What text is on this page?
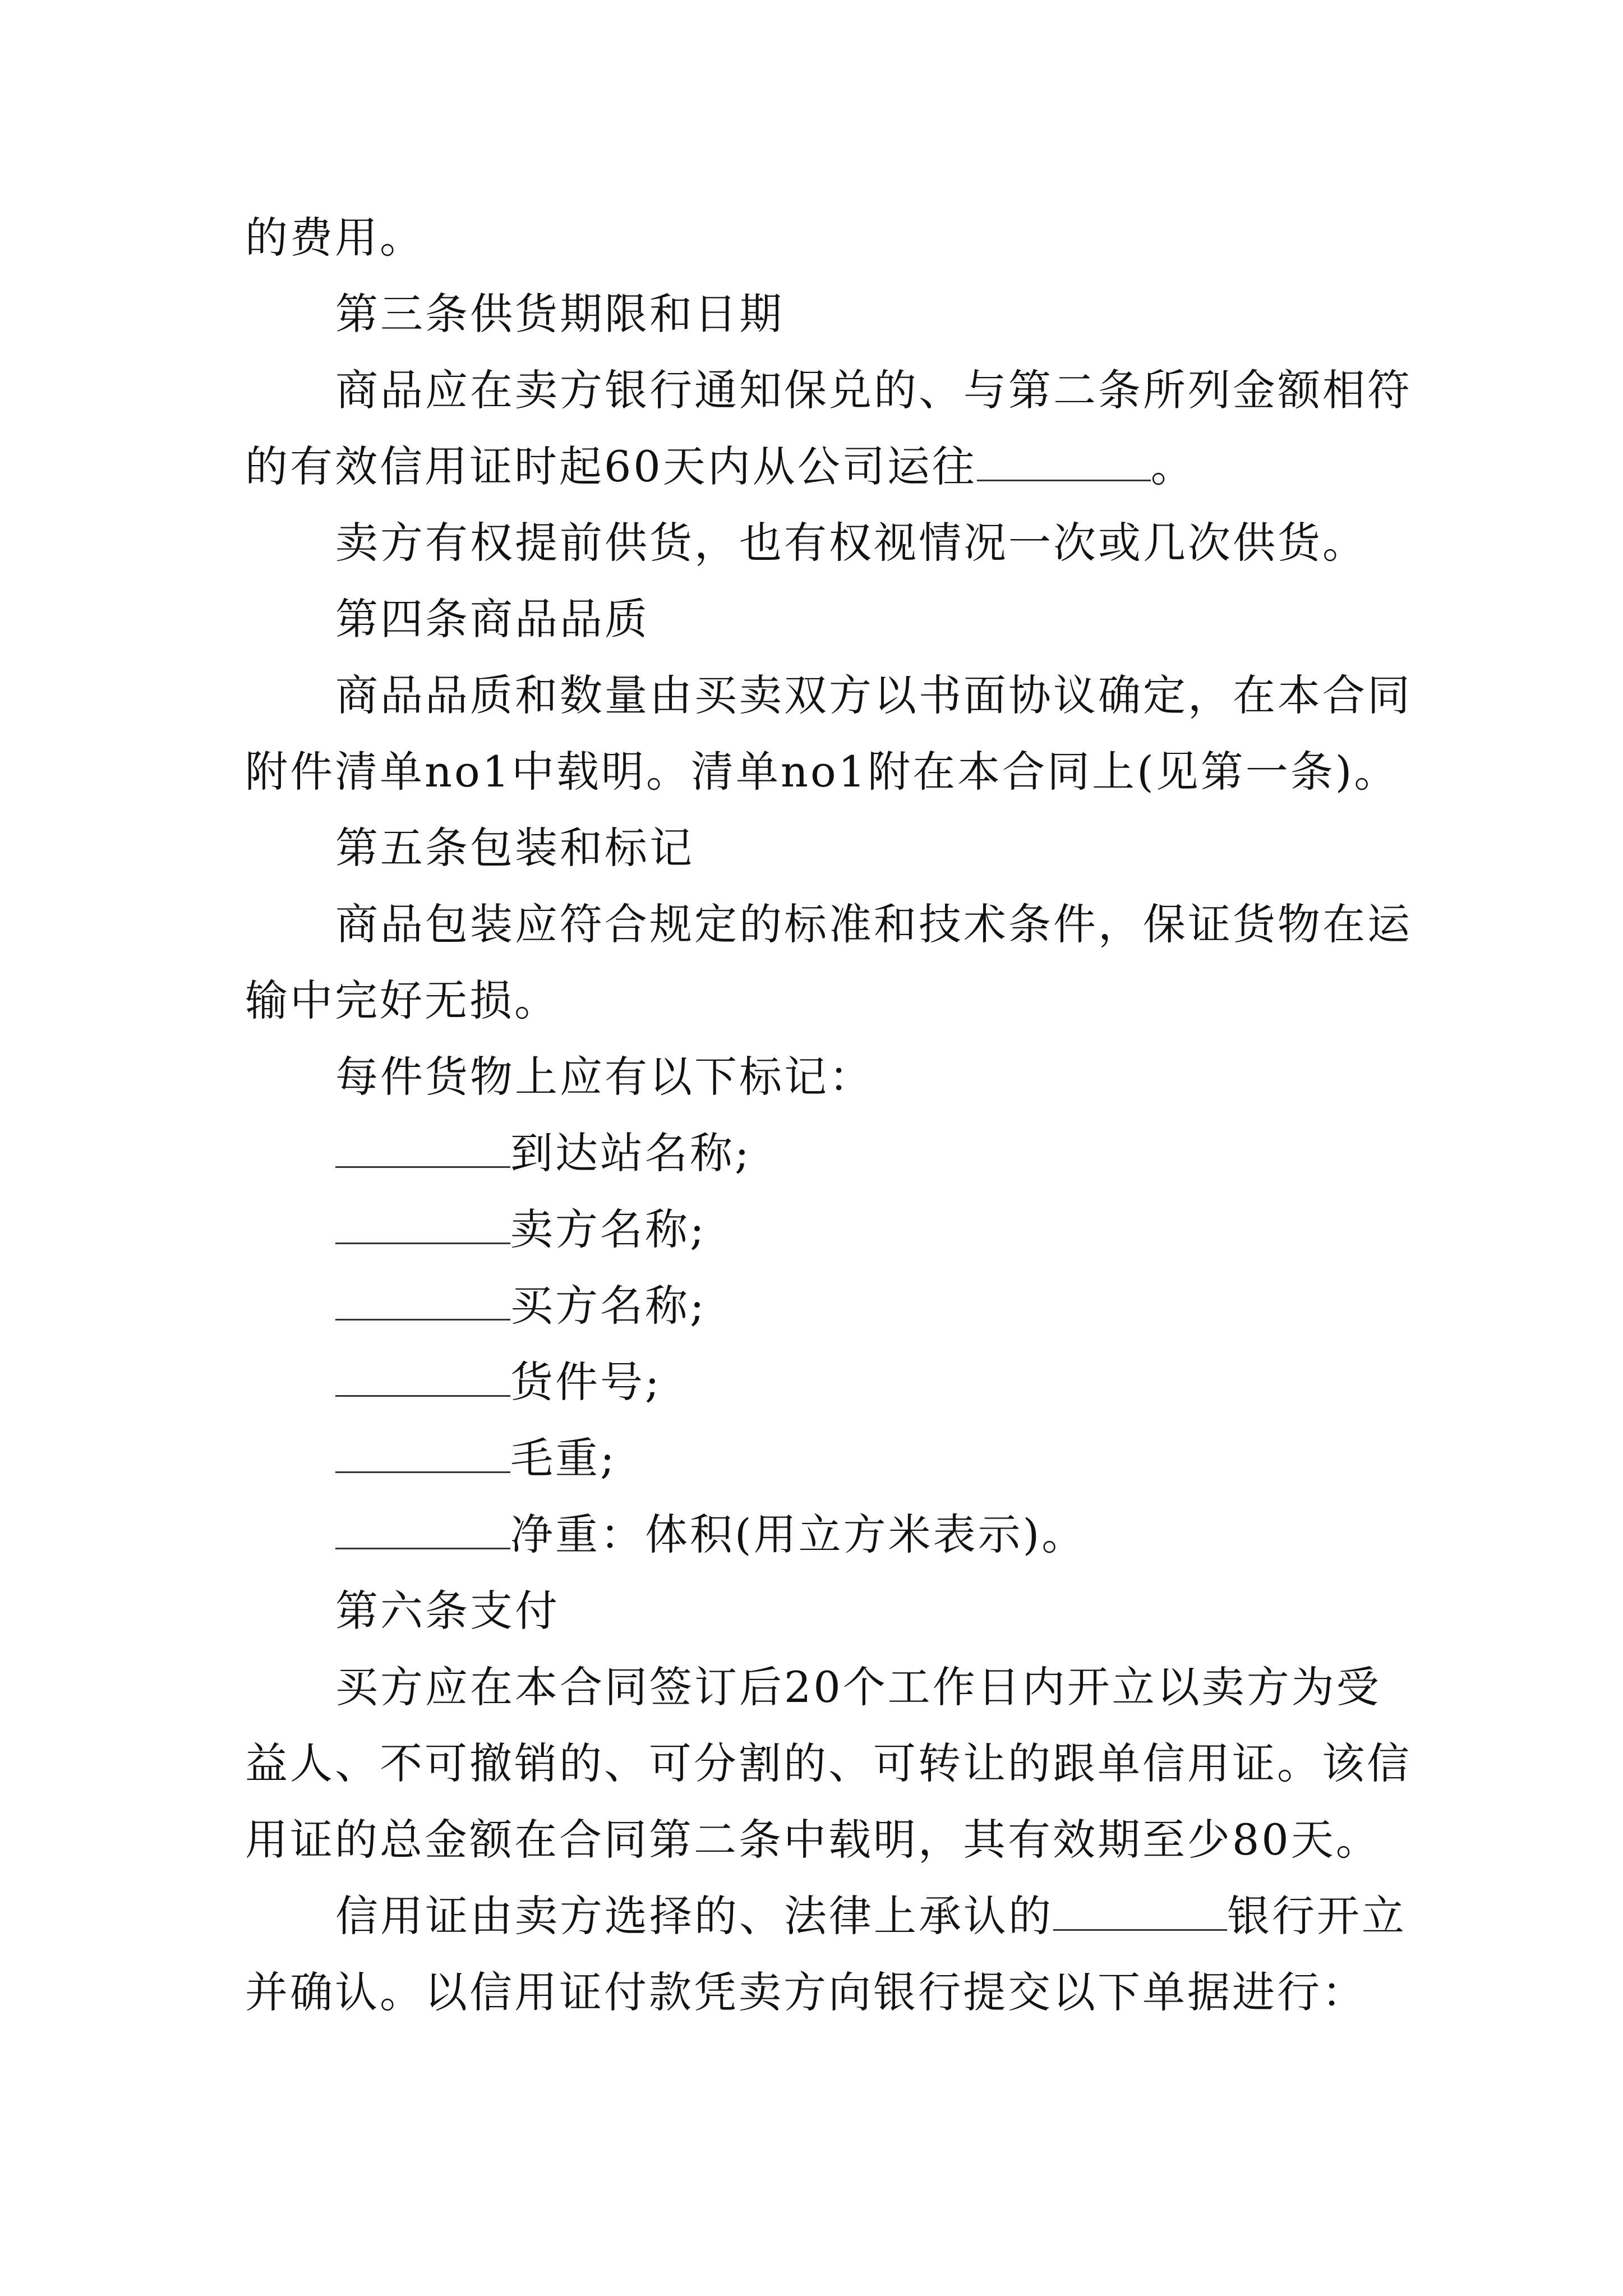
的费用。
第三条供货期限和日期
商品应在卖方银行通知保兑的、与第二条所列金额相符
的有效信用证时起60天内从公司运往	。
卖方有权提前供货，也有权视情况一次或几次供货。
第四条商品品质
商品品质和数量由买卖双方以书面协议确定，在本合同
附件清单no1中载明。清单no1附在本合同上(见第一条)。
第五条包装和标记
商品包装应符合规定的标准和技术条件，保证货物在运
输中完好无损。
每件货物上应有以下标记：
到达站名称;
卖方名称;
买方名称;
货件号;
毛重;
净重：体积(用立方米表示)。
第六条支付
买方应在本合同签订后20个工作日内开立以卖方为受
益人、不可撤销的、可分割的、可转让的跟单信用证。该信
用证的总金额在合同第二条中载明，其有效期至少80天。
信用证由卖方选择的、法律上承认的	银行开立
并确认。以信用证付款凭卖方向银行提交以下单据进行：
